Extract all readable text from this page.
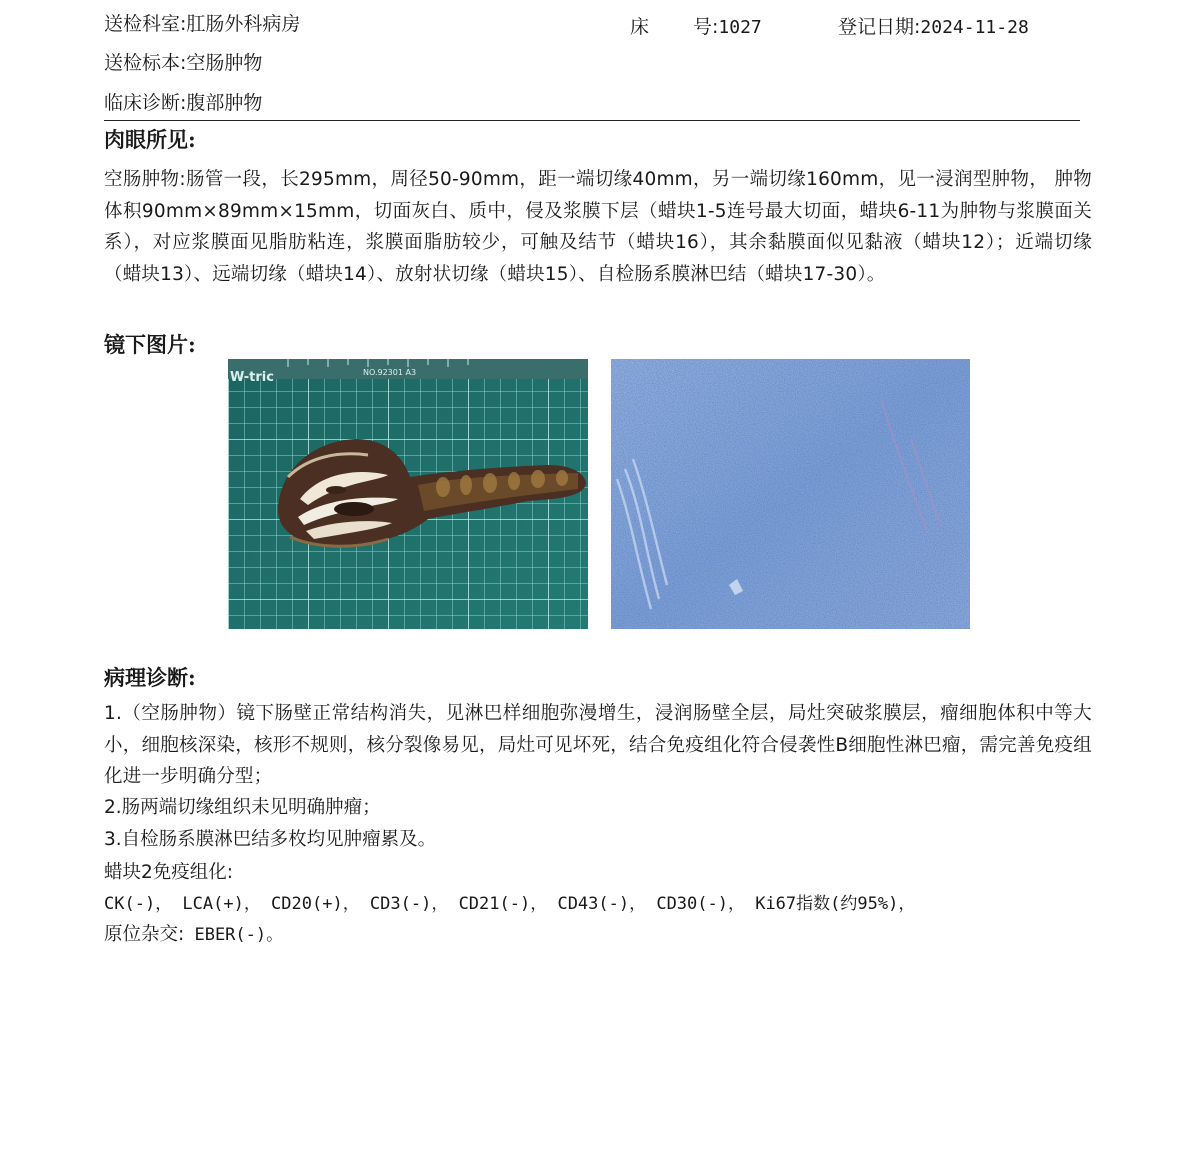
送检科室:肛肠外科病房	床 号:1027	登记日期:2024-11-28
送检标本:空肠肿物
临床诊断:腹部肿物
肉眼所见:
空肠肿物:肠管一段，长295mm，周径50-90mm，距一端切缘40mm，另一端切缘160mm，见一浸润型肿物， 肿物体积90mm×89mm×15mm，切面灰白、质中，侵及浆膜下层（蜡块1-5连号最大切面，蜡块6-11为肿物与浆膜面关系），对应浆膜面见脂肪粘连，浆膜面脂肪较少，可触及结节（蜡块16），其余黏膜面似见黏液（蜡块12）；近端切缘（蜡块13）、远端切缘（蜡块14）、放射状切缘（蜡块15）、自检肠系膜淋巴结（蜡块17-30）。
镜下图片:
W-tric	NO.92301 A3
病理诊断:
1.（空肠肿物）镜下肠壁正常结构消失，见淋巴样细胞弥漫增生，浸润肠壁全层，局灶突破浆膜层，瘤细胞体积中等大小，细胞核深染，核形不规则，核分裂像易见，局灶可见坏死，结合免疫组化符合侵袭性B细胞性淋巴瘤，需完善免疫组化进一步明确分型；
2.肠两端切缘组织未见明确肿瘤；
3.自检肠系膜淋巴结多枚均见肿瘤累及。
蜡块2免疫组化:
CK(-)， LCA(+)， CD20(+)， CD3(-)， CD21(-)， CD43(-)， CD30(-)， Ki67指数(约95%)，
原位杂交: EBER(-)。
